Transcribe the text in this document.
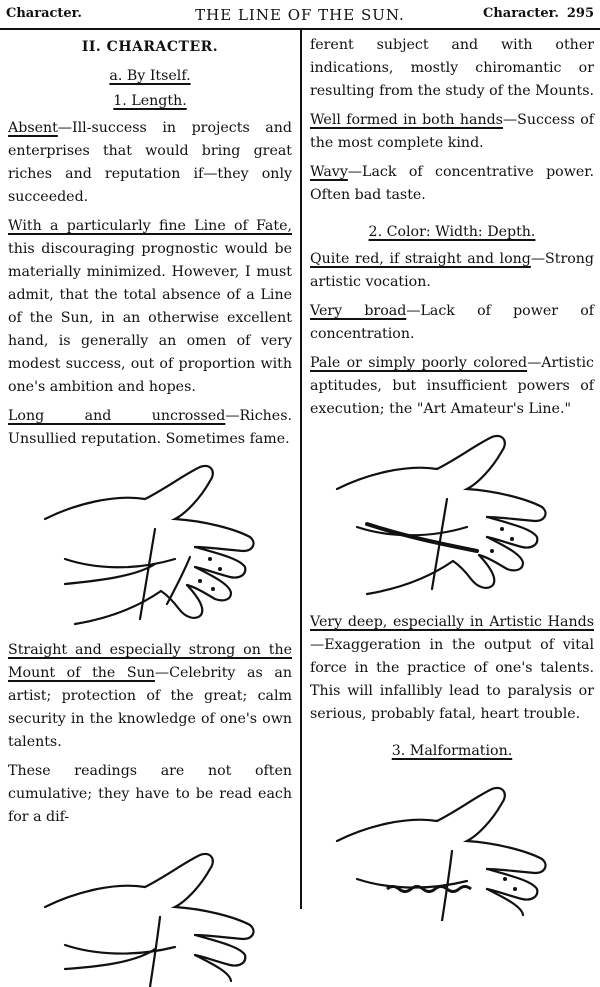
Character.	THE LINE OF THE SUN.	Character. 295

II. CHARACTER.

a. By Itself.

1. Length.

Absent—Ill-success in projects and enterprises that would bring great riches and reputation if—they only succeeded.

With a particularly fine Line of Fate, this discouraging prognostic would be materially minimized. However, I must admit, that the total absence of a Line of the Sun, in an otherwise excellent hand, is generally an omen of very modest success, out of proportion with one's ambition and hopes.

Long and uncrossed—Riches. Unsullied reputation. Sometimes fame.

Straight and especially strong on the Mount of the Sun—Celebrity as an artist; protection of the great; calm security in the knowledge of one's own talents.

These readings are not often cumulative; they have to be read each for a dif-

ferent subject and with other indications, mostly chiromantic or resulting from the study of the Mounts.

Well formed in both hands—Success of the most complete kind.

Wavy—Lack of concentrative power. Often bad taste.

2. Color: Width: Depth.

Quite red, if straight and long—Strong artistic vocation.

Very broad—Lack of power of concentration.

Pale or simply poorly colored—Artistic aptitudes, but insufficient powers of execution; the "Art Amateur's Line."

Very deep, especially in Artistic Hands—Exaggeration in the output of vital force in the practice of one's talents. This will infallibly lead to paralysis or serious, probably fatal, heart trouble.

3. Malformation.
